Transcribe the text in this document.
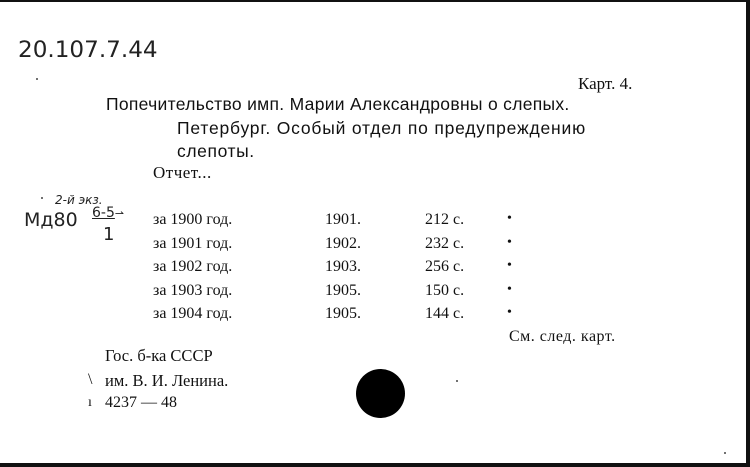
20.107.7.44
Карт. 4.
Попечительство имп. Марии Александровны о слепых.
Петербург. Особый отдел по предупреждению
слепоты.
Отчет...
2-й экз.
Мд80 6-5⇀
1
за 1900 год.	1901.	212 с.	•
за 1901 год.	1902.	232 с.	•
за 1902 год.	1903.	256 с.	•
за 1903 год.	1905.	150 с.	•
за 1904 год.	1905.	144 с.	•
См. след. карт.
\
ı
Гос. б-ка СССР
им. В. И. Ленина.
4237 — 48
